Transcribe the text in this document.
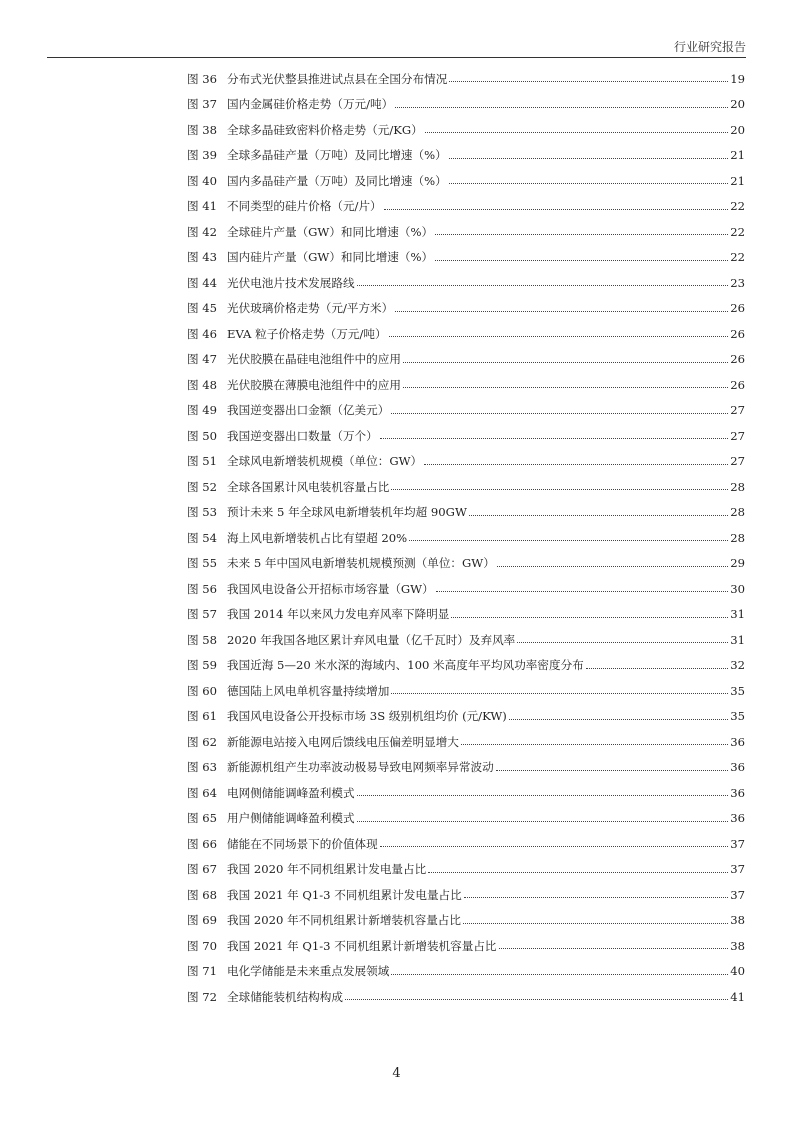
行业研究报告
图 36 分布式光伏整县推进试点县在全国分布情况	19
图 37 国内金属硅价格走势（万元/吨）	20
图 38 全球多晶硅致密料价格走势（元/KG）	20
图 39 全球多晶硅产量（万吨）及同比增速（%）	21
图 40 国内多晶硅产量（万吨）及同比增速（%）	21
图 41 不同类型的硅片价格（元/片）	22
图 42 全球硅片产量（GW）和同比增速（%）	22
图 43 国内硅片产量（GW）和同比增速（%）	22
图 44 光伏电池片技术发展路线	23
图 45 光伏玻璃价格走势（元/平方米）	26
图 46 EVA 粒子价格走势（万元/吨）	26
图 47 光伏胶膜在晶硅电池组件中的应用	26
图 48 光伏胶膜在薄膜电池组件中的应用	26
图 49 我国逆变器出口金额（亿美元）	27
图 50 我国逆变器出口数量（万个）	27
图 51 全球风电新增装机规模（单位：GW）	27
图 52 全球各国累计风电装机容量占比	28
图 53 预计未来 5 年全球风电新增装机年均超 90GW	28
图 54 海上风电新增装机占比有望超 20%	28
图 55 未来 5 年中国风电新增装机规模预测（单位：GW）	29
图 56 我国风电设备公开招标市场容量（GW）	30
图 57 我国 2014 年以来风力发电弃风率下降明显	31
图 58 2020 年我国各地区累计弃风电量（亿千瓦时）及弃风率	31
图 59 我国近海 5—20 米水深的海域内、100 米高度年平均风功率密度分布	32
图 60 德国陆上风电单机容量持续增加	35
图 61 我国风电设备公开投标市场 3S 级别机组均价 (元/KW)	35
图 62 新能源电站接入电网后馈线电压偏差明显增大	36
图 63 新能源机组产生功率波动极易导致电网频率异常波动	36
图 64 电网侧储能调峰盈利模式	36
图 65 用户侧储能调峰盈利模式	36
图 66 储能在不同场景下的价值体现	37
图 67 我国 2020 年不同机组累计发电量占比	37
图 68 我国 2021 年 Q1-3 不同机组累计发电量占比	37
图 69 我国 2020 年不同机组累计新增装机容量占比	38
图 70 我国 2021 年 Q1-3 不同机组累计新增装机容量占比	38
图 71 电化学储能是未来重点发展领域	40
图 72 全球储能装机结构构成	41
4
